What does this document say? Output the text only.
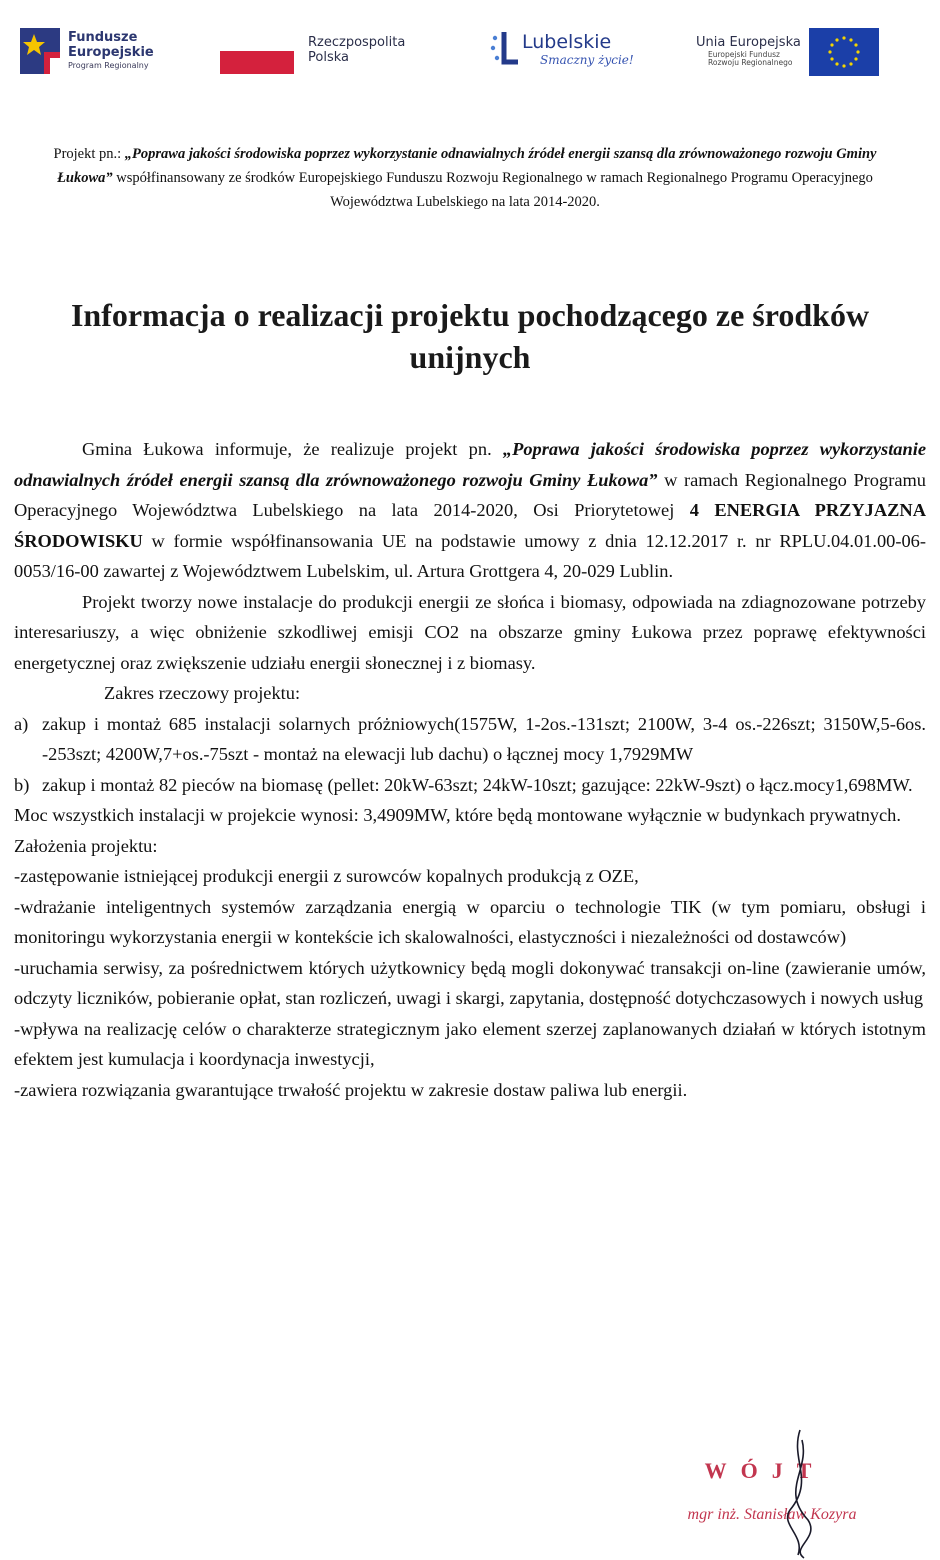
Fundusze
Europejskie
Program Regionalny
Rzeczpospolita
Polska
Lubelskie
Smaczny życie!
Unia Europejska
Europejski Fundusz
Rozwoju Regionalnego
Projekt pn.: „Poprawa jakości środowiska poprzez wykorzystanie odnawialnych źródeł energii szansą dla zrównoważonego rozwoju Gminy Łukowa” współfinansowany ze środków Europejskiego Funduszu Rozwoju Regionalnego w ramach Regionalnego Programu Operacyjnego Województwa Lubelskiego na lata 2014-2020.
Informacja o realizacji projektu pochodzącego ze środków unijnych

Gmina Łukowa informuje, że realizuje projekt pn. „Poprawa jakości środowiska poprzez wykorzystanie odnawialnych źródeł energii szansą dla zrównoważonego rozwoju Gminy Łukowa” w ramach Regionalnego Programu Operacyjnego Województwa Lubelskiego na lata 2014-2020, Osi Priorytetowej 4 ENERGIA PRZYJAZNA ŚRODOWISKU w formie współfinansowania UE na podstawie umowy z dnia 12.12.2017 r. nr RPLU.04.01.00-06-0053/16-00 zawartej z Województwem Lubelskim, ul. Artura Grottgera 4, 20-029 Lublin.

Projekt tworzy nowe instalacje do produkcji energii ze słońca i biomasy, odpowiada na zdiagnozowane potrzeby interesariuszy, a więc obniżenie szkodliwej emisji CO2 na obszarze gminy Łukowa przez poprawę efektywności energetycznej oraz zwiększenie udziału energii słonecznej i z biomasy.

Zakres rzeczowy projektu:

a) zakup i montaż 685 instalacji solarnych próżniowych(1575W, 1-2os.-131szt; 2100W, 3-4 os.-226szt; 3150W,5-6os. -253szt; 4200W,7+os.-75szt - montaż na elewacji lub dachu) o łącznej mocy 1,7929MW
b) zakup i montaż 82 pieców na biomasę (pellet: 20kW-63szt; 24kW-10szt; gazujące: 22kW-9szt) o łącz.mocy1,698MW.

Moc wszystkich instalacji w projekcie wynosi: 3,4909MW, które będą montowane wyłącznie w budynkach prywatnych.

Założenia projektu:

-zastępowanie istniejącej produkcji energii z surowców kopalnych produkcją z OZE,

-wdrażanie inteligentnych systemów zarządzania energią w oparciu o technologie TIK (w tym pomiaru, obsługi i monitoringu wykorzystania energii w kontekście ich skalowalności, elastyczności i niezależności od dostawców)

-uruchamia serwisy, za pośrednictwem których użytkownicy będą mogli dokonywać transakcji on-line (zawieranie umów, odczyty liczników, pobieranie opłat, stan rozliczeń, uwagi i skargi, zapytania, dostępność dotychczasowych i nowych usług

-wpływa na realizację celów o charakterze strategicznym jako element szerzej zaplanowanych działań w których istotnym efektem jest kumulacja i koordynacja inwestycji,

-zawiera rozwiązania gwarantujące trwałość projektu w zakresie dostaw paliwa lub energii.

WÓJT
mgr inż. Stanisław Kozyra
